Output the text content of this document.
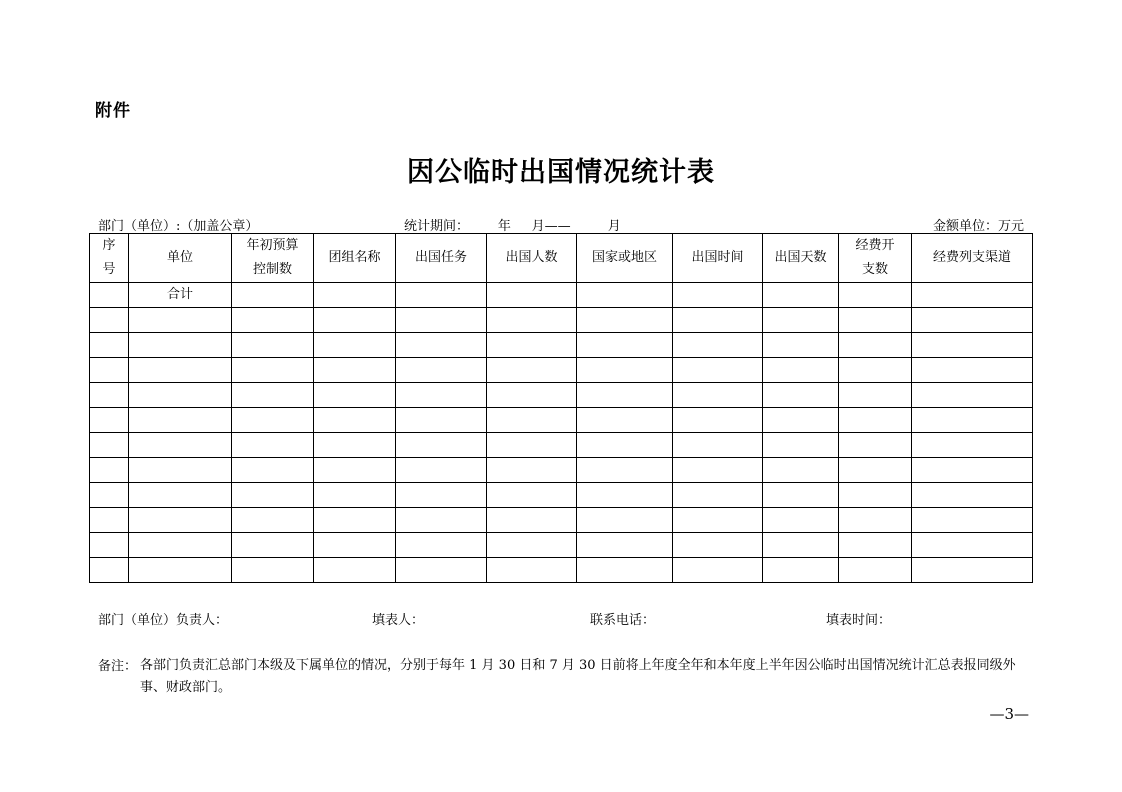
附件
因公临时出国情况统计表
部门（单位）:（加盖公章）	统计期间：       年     月——         月	金额单位：万元
序号	单位	年初预算控制数	团组名称	出国任务	出国人数	国家或地区	出国时间	出国天数	经费开支数	经费列支渠道
	合计									

部门（单位）负责人：	填表人：	联系电话：	填表时间：
备注： 各部门负责汇总部门本级及下属单位的情况，分别于每年 1 月 30 日和 7 月 30 日前将上年度全年和本年度上半年因公临时出国情况统计汇总表报同级外事、财政部门。
—3—
